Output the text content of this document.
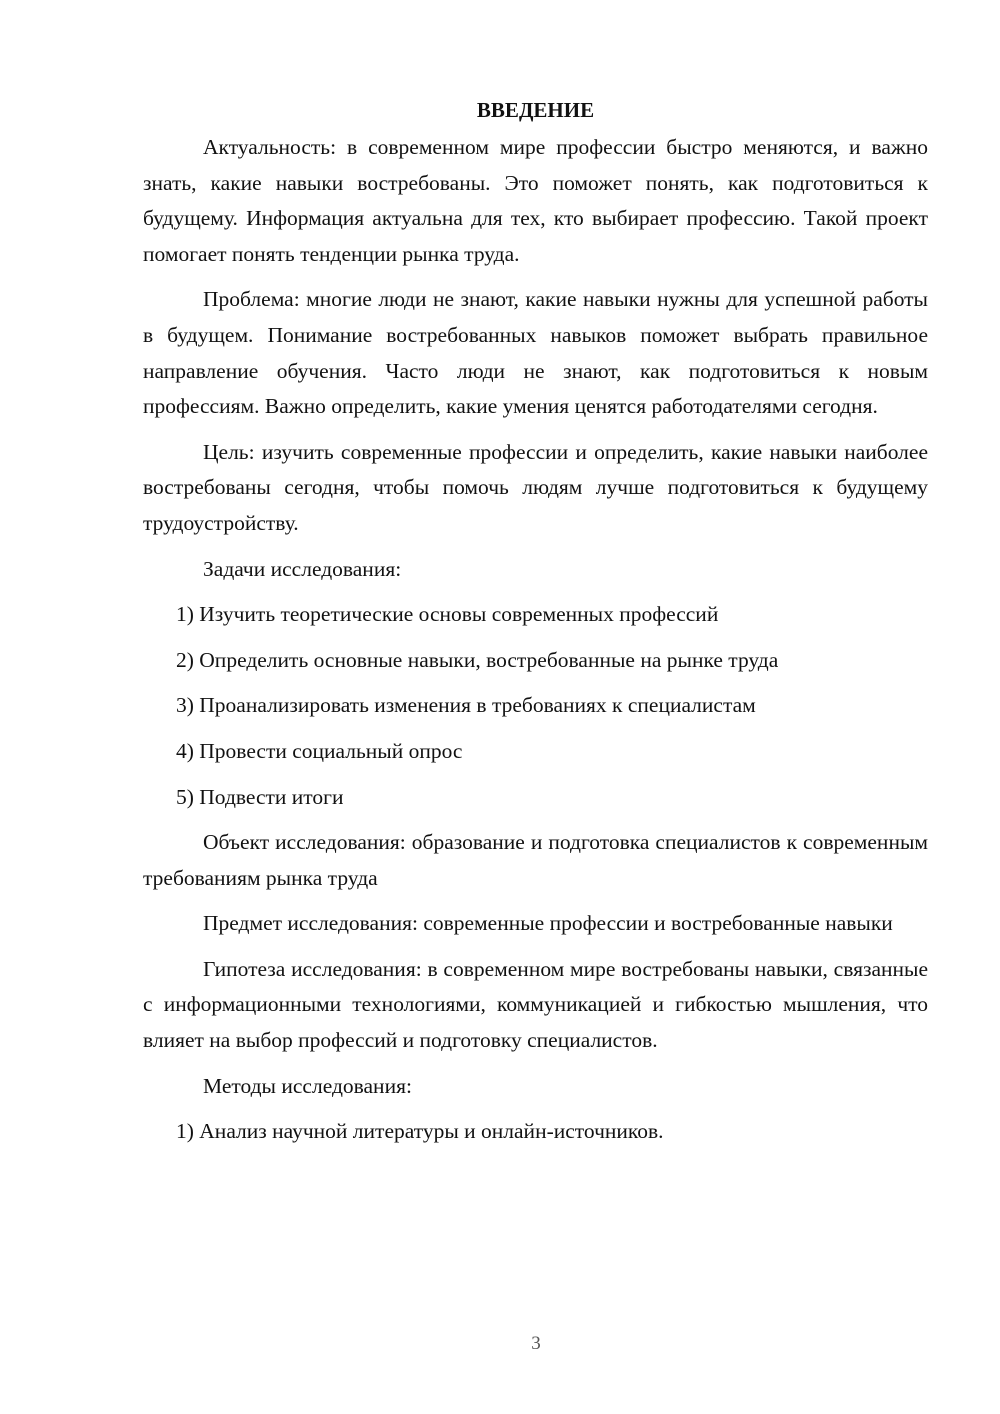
ВВЕДЕНИЕ
Актуальность: в современном мире профессии быстро меняются, и важно знать, какие навыки востребованы. Это поможет понять, как подготовиться к будущему. Информация актуальна для тех, кто выбирает профессию. Такой проект помогает понять тенденции рынка труда.
Проблема: многие люди не знают, какие навыки нужны для успешной работы в будущем. Понимание востребованных навыков поможет выбрать правильное направление обучения. Часто люди не знают, как подготовиться к новым профессиям. Важно определить, какие умения ценятся работодателями сегодня.
Цель: изучить современные профессии и определить, какие навыки наиболее востребованы сегодня, чтобы помочь людям лучше подготовиться к будущему трудоустройству.
Задачи исследования:
1) Изучить теоретические основы современных профессий
2) Определить основные навыки, востребованные на рынке труда
3) Проанализировать изменения в требованиях к специалистам
4) Провести социальный опрос
5) Подвести итоги
Объект исследования: образование и подготовка специалистов к современным требованиям рынка труда
Предмет исследования: современные профессии и востребованные навыки
Гипотеза исследования: в современном мире востребованы навыки, связанные с информационными технологиями, коммуникацией и гибкостью мышления, что влияет на выбор профессий и подготовку специалистов.
Методы исследования:
1) Анализ научной литературы и онлайн-источников.
3
